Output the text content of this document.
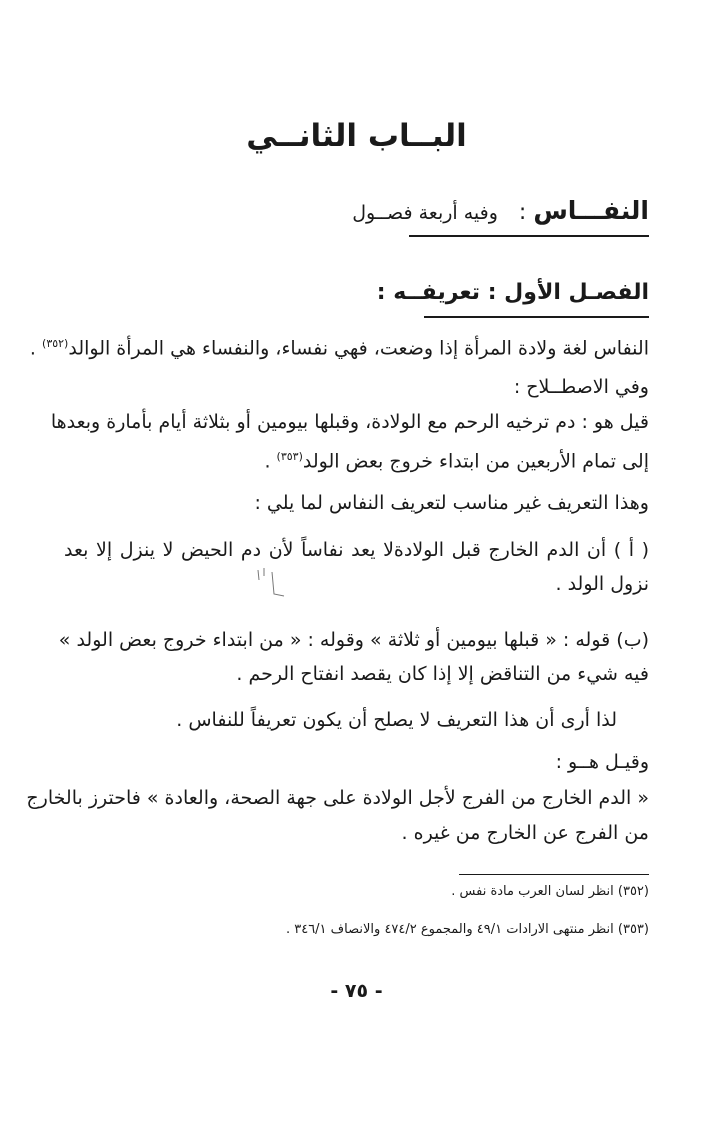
البــاب الثانــي
النفـــاس :   وفيه أربعة فصــول
الفصـل الأول : تعريفــه :
النفاس لغة ولادة المرأة إذا وضعت، فهي نفساء، والنفساء هي المرأة الوالد$^{(٣٥٢)}$ .
وفي الاصطــلاح :
قيل هو : دم ترخيه الرحم مع الولادة، وقبلها بيومين أو بثلاثة أيام بأمارة وبعدها
إلى تمام الأربعين من ابتداء خروج بعض الولد$^{(٣٥٣)}$ .
وهذا التعريف غير مناسب لتعريف النفاس لما يلي :
( أ ) أن الدم الخارج قبل الولادةلا يعد نفاساً لأن دم الحيض لا ينزل إلا بعد
نزول الولد .
(ب) قوله : « قبلها بيومين أو ثلاثة » وقوله : « من ابتداء خروج بعض الولد »
فيه شيء من التناقض إلا إذا كان يقصد انفتاح الرحم .
لذا أرى أن هذا التعريف لا يصلح أن يكون تعريفاً للنفاس .
وقيـل هــو :
« الدم الخارج من الفرج لأجل الولادة على جهة الصحة، والعادة » فاحترز بالخارج
من الفرج عن الخارج من غيره .
(٣٥٢) انظر لسان العرب مادة نفس .
(٣٥٣) انظر منتهى الارادات ٤٩/١ والمجموع ٤٧٤/٢ والانصاف ٣٤٦/١ .
- ٧٥ -
